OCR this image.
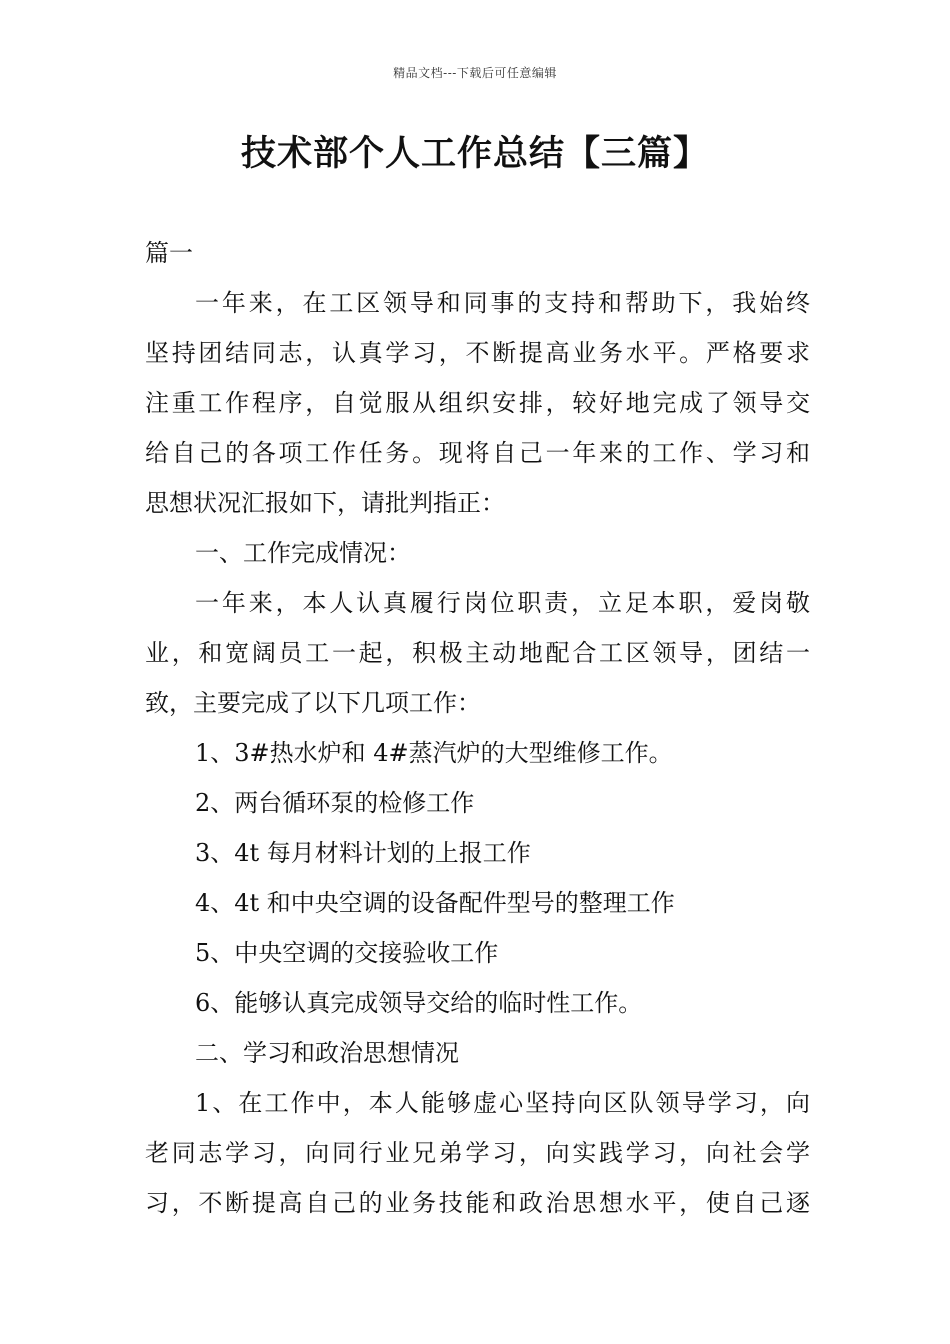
精品文档---下载后可任意编辑
技术部个人工作总结【三篇】
篇一
一年来，在工区领导和同事的支持和帮助下，我始终
坚持团结同志，认真学习，不断提高业务水平。严格要求
注重工作程序，自觉服从组织安排，较好地完成了领导交
给自己的各项工作任务。现将自己一年来的工作、学习和
思想状况汇报如下，请批判指正：
一、工作完成情况：
一年来，本人认真履行岗位职责，立足本职，爱岗敬
业，和宽阔员工一起，积极主动地配合工区领导，团结一
致，主要完成了以下几项工作：
1、3#热水炉和 4#蒸汽炉的大型维修工作。
2、两台循环泵的检修工作
3、4t 每月材料计划的上报工作
4、4t 和中央空调的设备配件型号的整理工作
5、中央空调的交接验收工作
6、能够认真完成领导交给的临时性工作。
二、学习和政治思想情况
1、在工作中，本人能够虚心坚持向区队领导学习，向
老同志学习，向同行业兄弟学习，向实践学习，向社会学
习，不断提高自己的业务技能和政治思想水平，使自己逐
